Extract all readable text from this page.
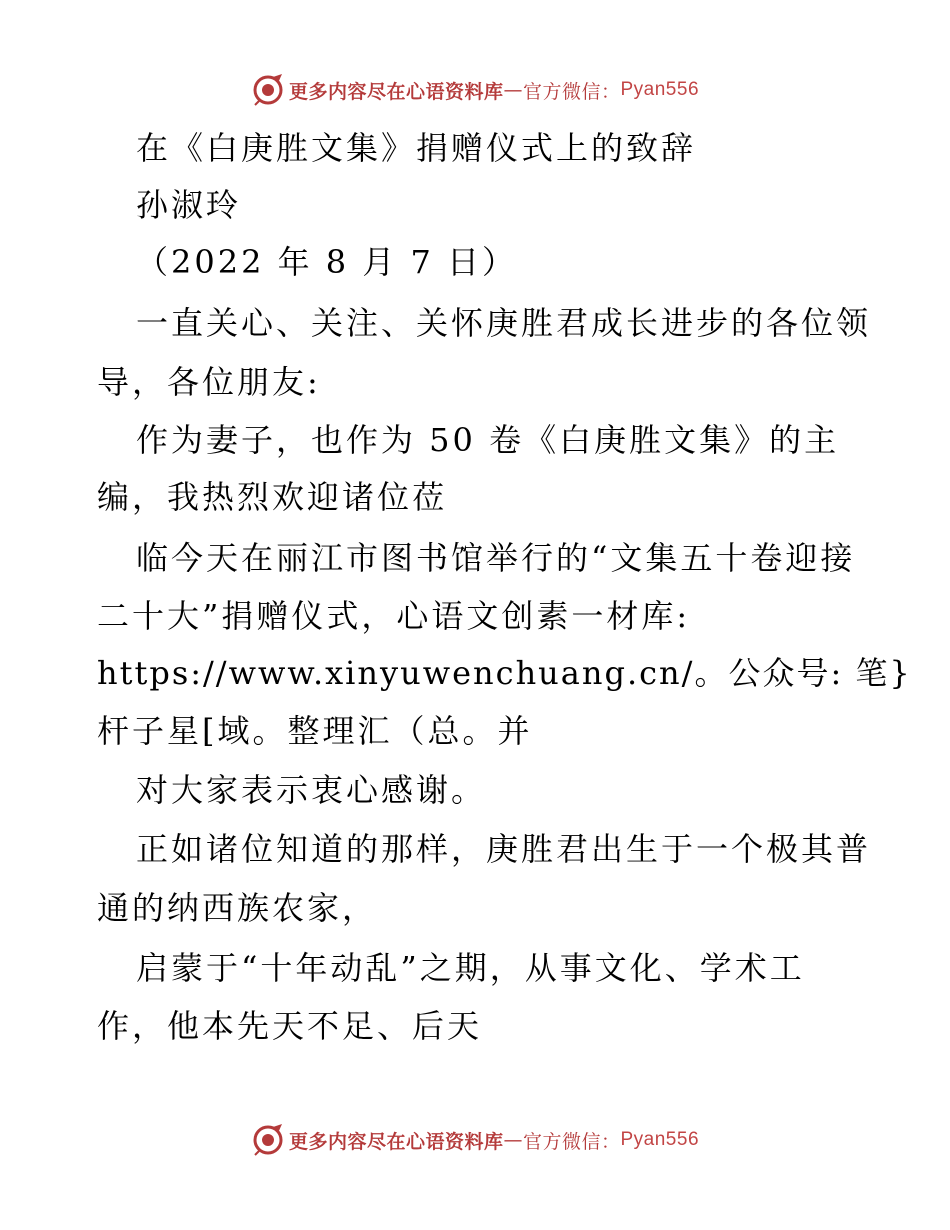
更多内容尽在心语资料库 — 官方微信： Pyan556
在《白庚胜文集》捐赠仪式上的致辞
孙淑玲
（2022 年 8 月 7 日）
一直关心、关注、关怀庚胜君成长进步的各位领
导，各位朋友:
作为妻子，也作为 50 卷《白庚胜文集》的主
编，我热烈欢迎诸位莅
临今天在丽江市图书馆举行的“文集五十卷迎接
二十大”捐赠仪式，心语文创素一材库:
https://www.xinyuwenchuang.cn/。公众号: 笔}
杆子星[域。整理汇（总。并
对大家表示衷心感谢。
正如诸位知道的那样，庚胜君出生于一个极其普
通的纳西族农家，
启蒙于“十年动乱”之期，从事文化、学术工
作，他本先天不足、后天
更多内容尽在心语资料库 — 官方微信： Pyan556
